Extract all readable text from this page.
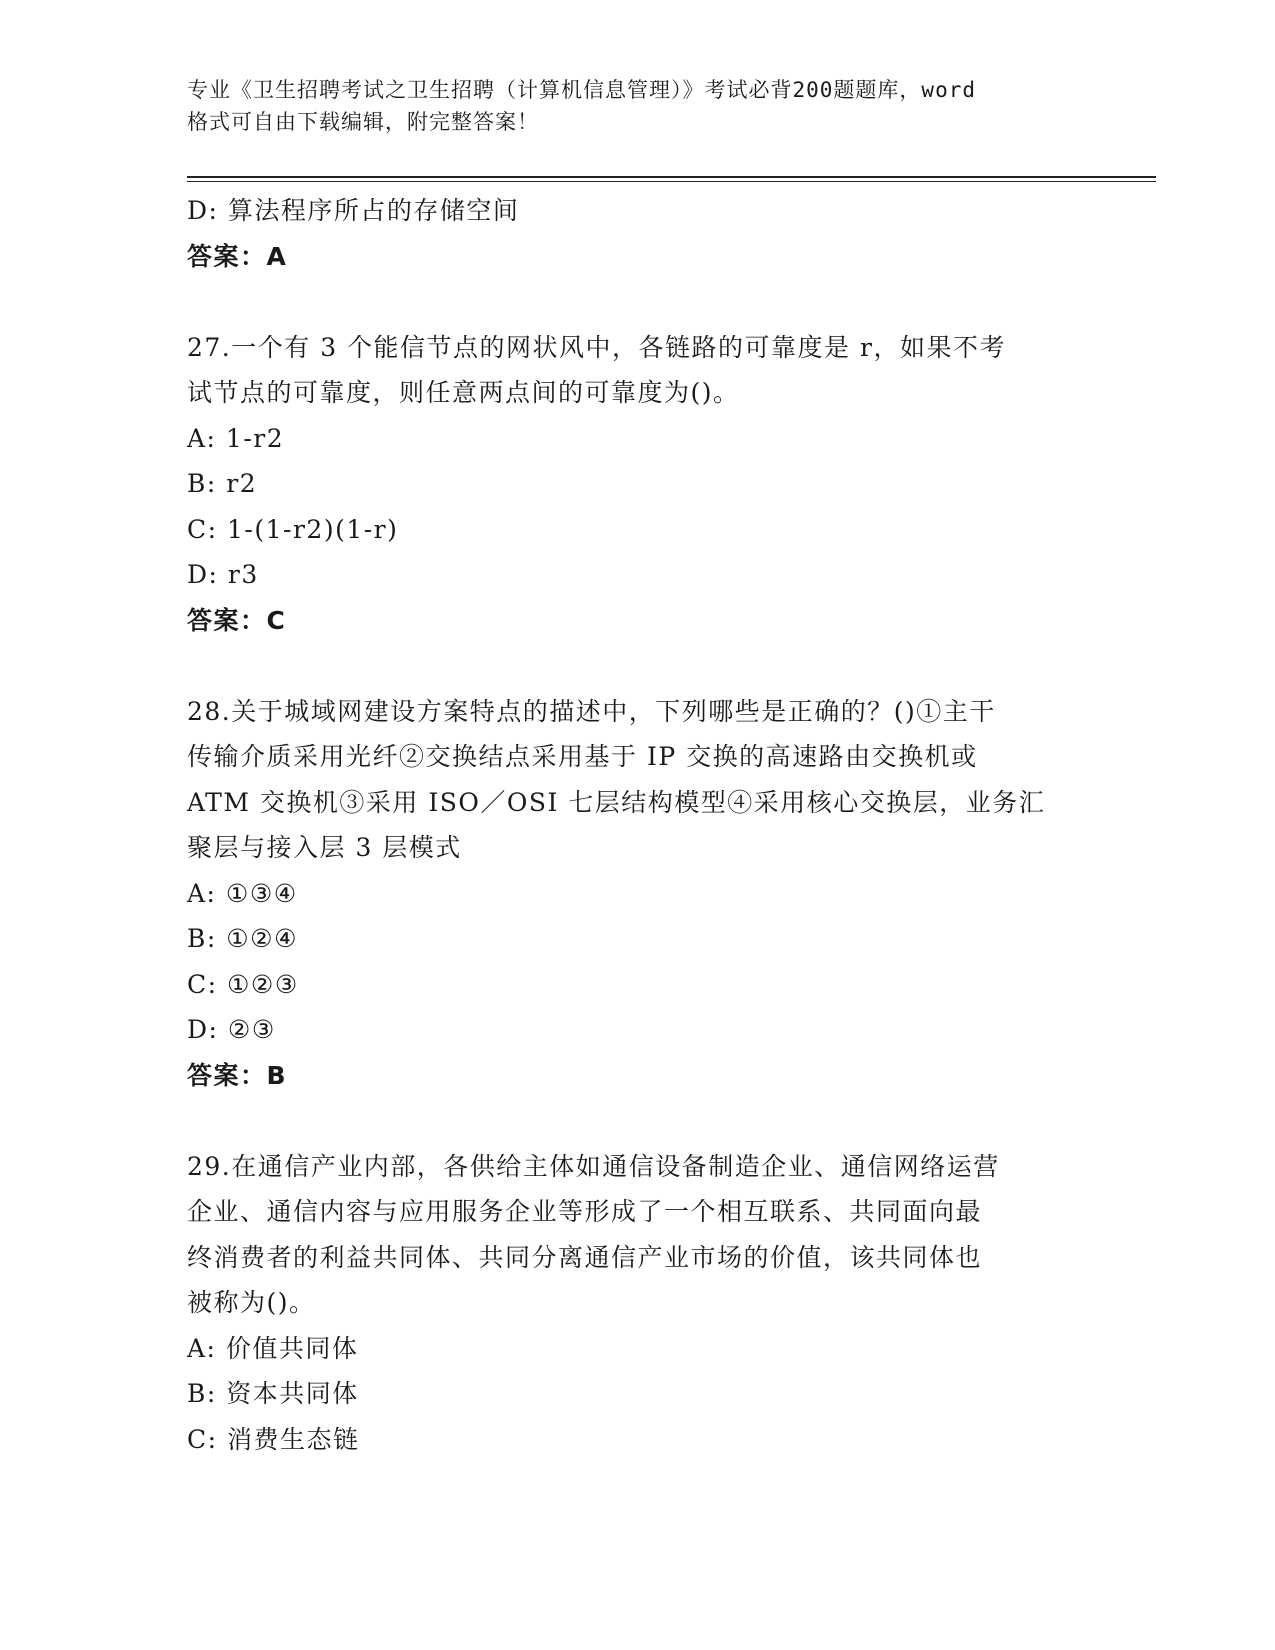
专业《卫生招聘考试之卫生招聘（计算机信息管理）》考试必背200题题库，word
格式可自由下载编辑，附完整答案！
D: 算法程序所占的存储空间
答案：A
27.一个有 3 个能信节点的网状风中，各链路的可靠度是 r，如果不考
试节点的可靠度，则任意两点间的可靠度为()。
A: 1-r2
B: r2
C: 1-(1-r2)(1-r)
D: r3
答案：C
28.关于城域网建设方案特点的描述中，下列哪些是正确的？()①主干
传输介质采用光纤②交换结点采用基于 IP 交换的高速路由交换机或
ATM 交换机③采用 ISO／OSI 七层结构模型④采用核心交换层，业务汇
聚层与接入层 3 层模式
A: ①③④
B: ①②④
C: ①②③
D: ②③
答案：B
29.在通信产业内部，各供给主体如通信设备制造企业、通信网络运营
企业、通信内容与应用服务企业等形成了一个相互联系、共同面向最
终消费者的利益共同体、共同分离通信产业市场的价值，该共同体也
被称为()。
A: 价值共同体
B: 资本共同体
C: 消费生态链
